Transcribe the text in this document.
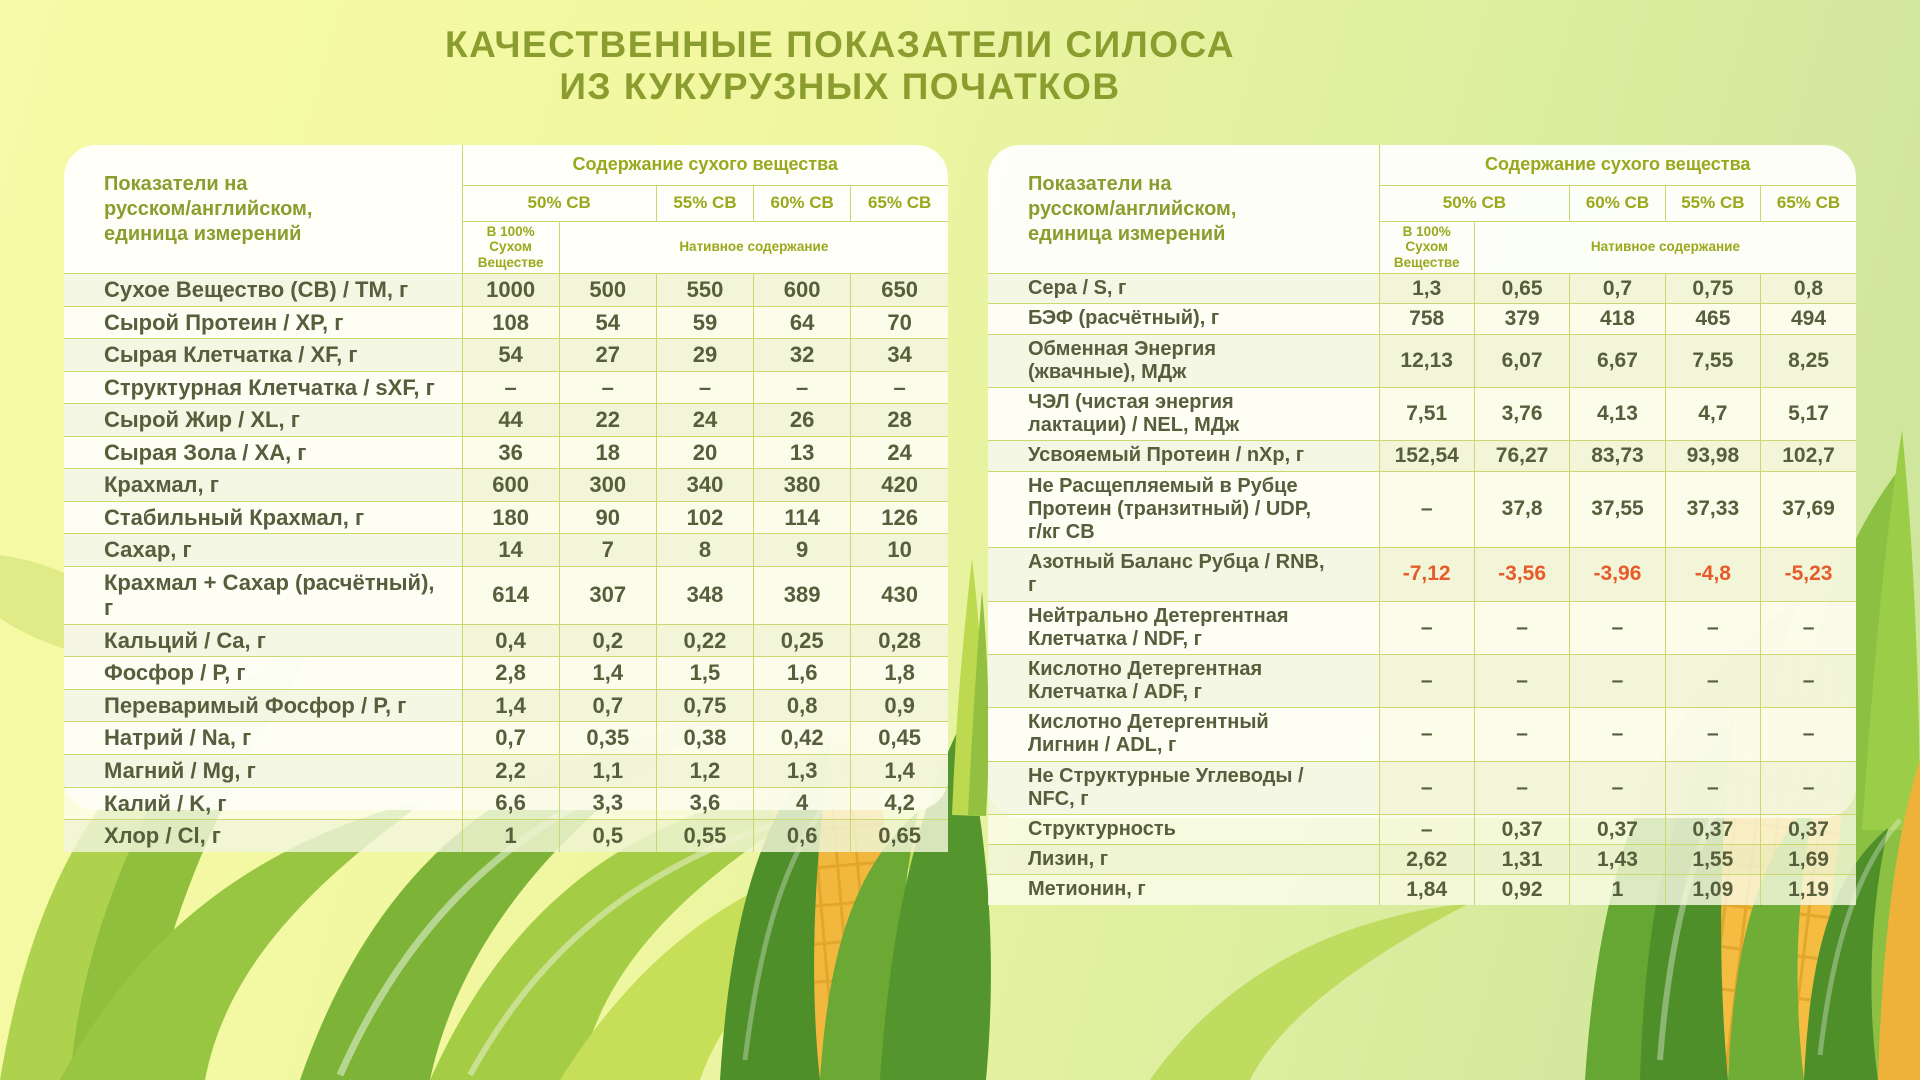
КАЧЕСТВЕННЫЕ ПОКАЗАТЕЛИ СИЛОСА
ИЗ КУКУРУЗНЫХ ПОЧАТКОВ
Показатели на русском/английском, единица измерений	Содержание сухого вещества				
	50% СВ		55% СВ	60% СВ	65% СВ
	В 100% Сухом Веществе	Нативное содержание			
Сухое Вещество (СВ) / TM, г	1000	500	550	600	650
Сырой Протеин / XP, г	108	54	59	64	70
Сырая Клетчатка / XF, г	54	27	29	32	34
Структурная Клетчатка / sXF, г	–	–	–	–	–
Сырой Жир / XL, г	44	22	24	26	28
Сырая Зола / XA, г	36	18	20	13	24
Крахмал, г	600	300	340	380	420
Стабильный Крахмал, г	180	90	102	114	126
Сахар, г	14	7	8	9	10
Крахмал + Сахар (расчётный), г	614	307	348	389	430
Кальций / Ca, г	0,4	0,2	0,22	0,25	0,28
Фосфор / P, г	2,8	1,4	1,5	1,6	1,8
Переваримый Фосфор / P, г	1,4	0,7	0,75	0,8	0,9
Натрий / Na, г	0,7	0,35	0,38	0,42	0,45
Магний / Mg, г	2,2	1,1	1,2	1,3	1,4
Калий / K, г	6,6	3,3	3,6	4	4,2
Хлор / Cl, г	1	0,5	0,55	0,6	0,65
Показатели на русском/английском, единица измерений	Содержание сухого вещества				
	50% СВ		60% СВ	55% СВ	65% СВ
	В 100% Сухом Веществе	Нативное содержание			
Сера / S, г	1,3	0,65	0,7	0,75	0,8
БЭФ (расчётный), г	758	379	418	465	494
Обменная Энергия (жвачные), МДж	12,13	6,07	6,67	7,55	8,25
ЧЭЛ (чистая энергия лактации) / NEL, МДж	7,51	3,76	4,13	4,7	5,17
Усвояемый Протеин / nXp, г	152,54	76,27	83,73	93,98	102,7
Не Расщепляемый в Рубце Протеин (транзитный) / UDP, г/кг СВ	–	37,8	37,55	37,33	37,69
Азотный Баланс Рубца / RNB, г	-7,12	-3,56	-3,96	-4,8	-5,23
Нейтрально Детергентная Клетчатка / NDF, г	–	–	–	–	–
Кислотно Детергентная Клетчатка / ADF, г	–	–	–	–	–
Кислотно Детергентный Лигнин / ADL, г	–	–	–	–	–
Не Структурные Углеводы / NFC, г	–	–	–	–	–
Структурность	–	0,37	0,37	0,37	0,37
Лизин, г	2,62	1,31	1,43	1,55	1,69
Метионин, г	1,84	0,92	1	1,09	1,19
